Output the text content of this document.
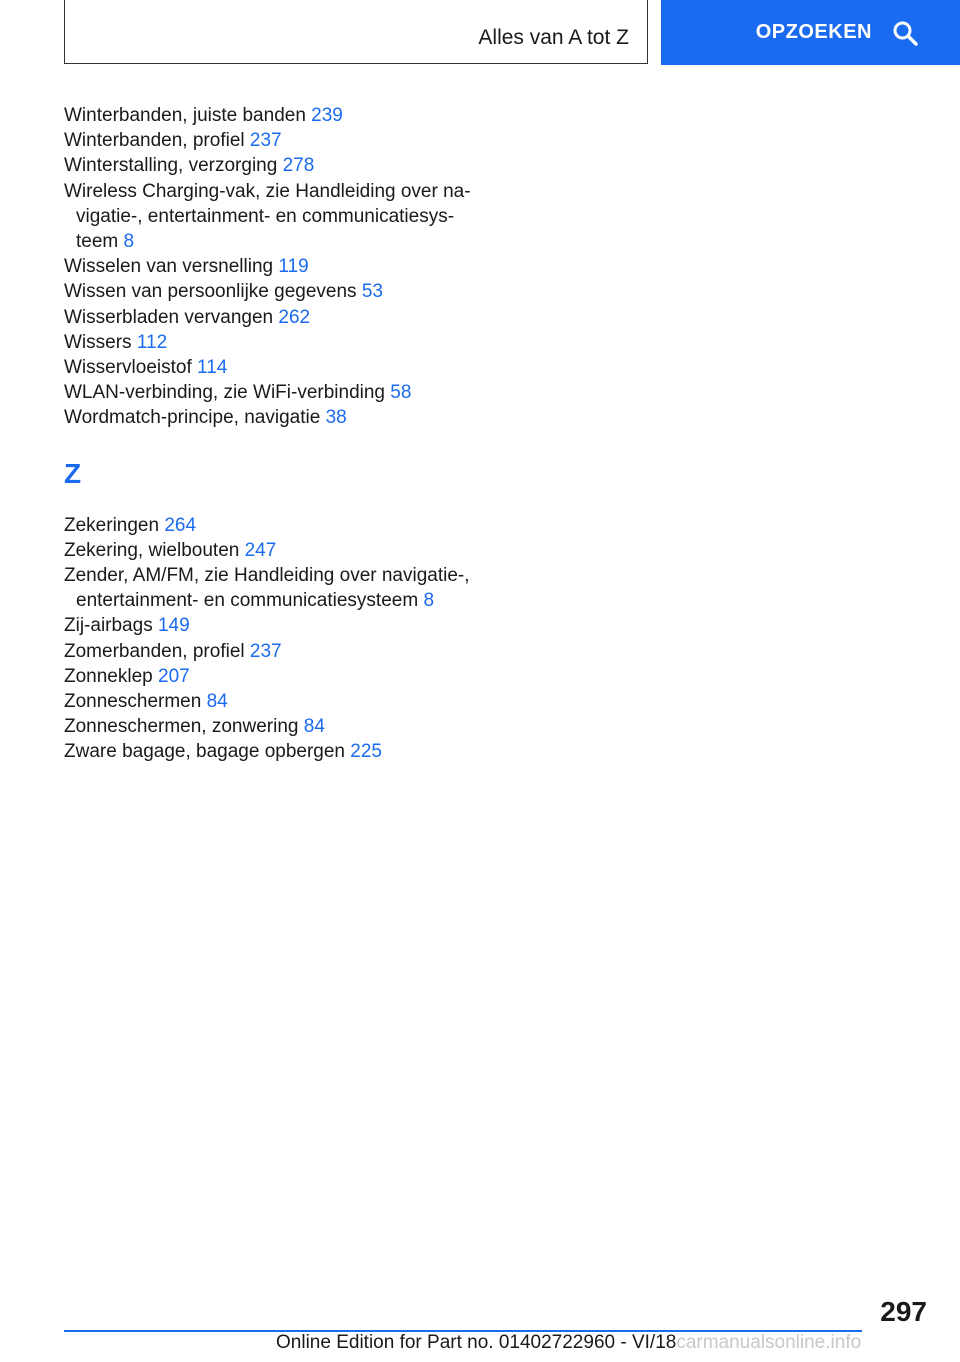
Alles van A tot Z	OPZOEKEN
Winterbanden, juiste banden 239
Winterbanden, profiel 237
Winterstalling, verzorging 278
Wireless Charging-vak, zie Handleiding over na-
vigatie-, entertainment- en communicatiesys-
teem 8
Wisselen van versnelling 119
Wissen van persoonlijke gegevens 53
Wisserbladen vervangen 262
Wissers 112
Wisservloeistof 114
WLAN-verbinding, zie WiFi-verbinding 58
Wordmatch-principe, navigatie 38
Z
Zekeringen 264
Zekering, wielbouten 247
Zender, AM/FM, zie Handleiding over navigatie-,
entertainment- en communicatiesysteem 8
Zij-airbags 149
Zomerbanden, profiel 237
Zonneklep 207
Zonneschermen 84
Zonneschermen, zonwering 84
Zware bagage, bagage opbergen 225
297
Online Edition for Part no. 01402722960 - VI/18carmanualsonline.info
